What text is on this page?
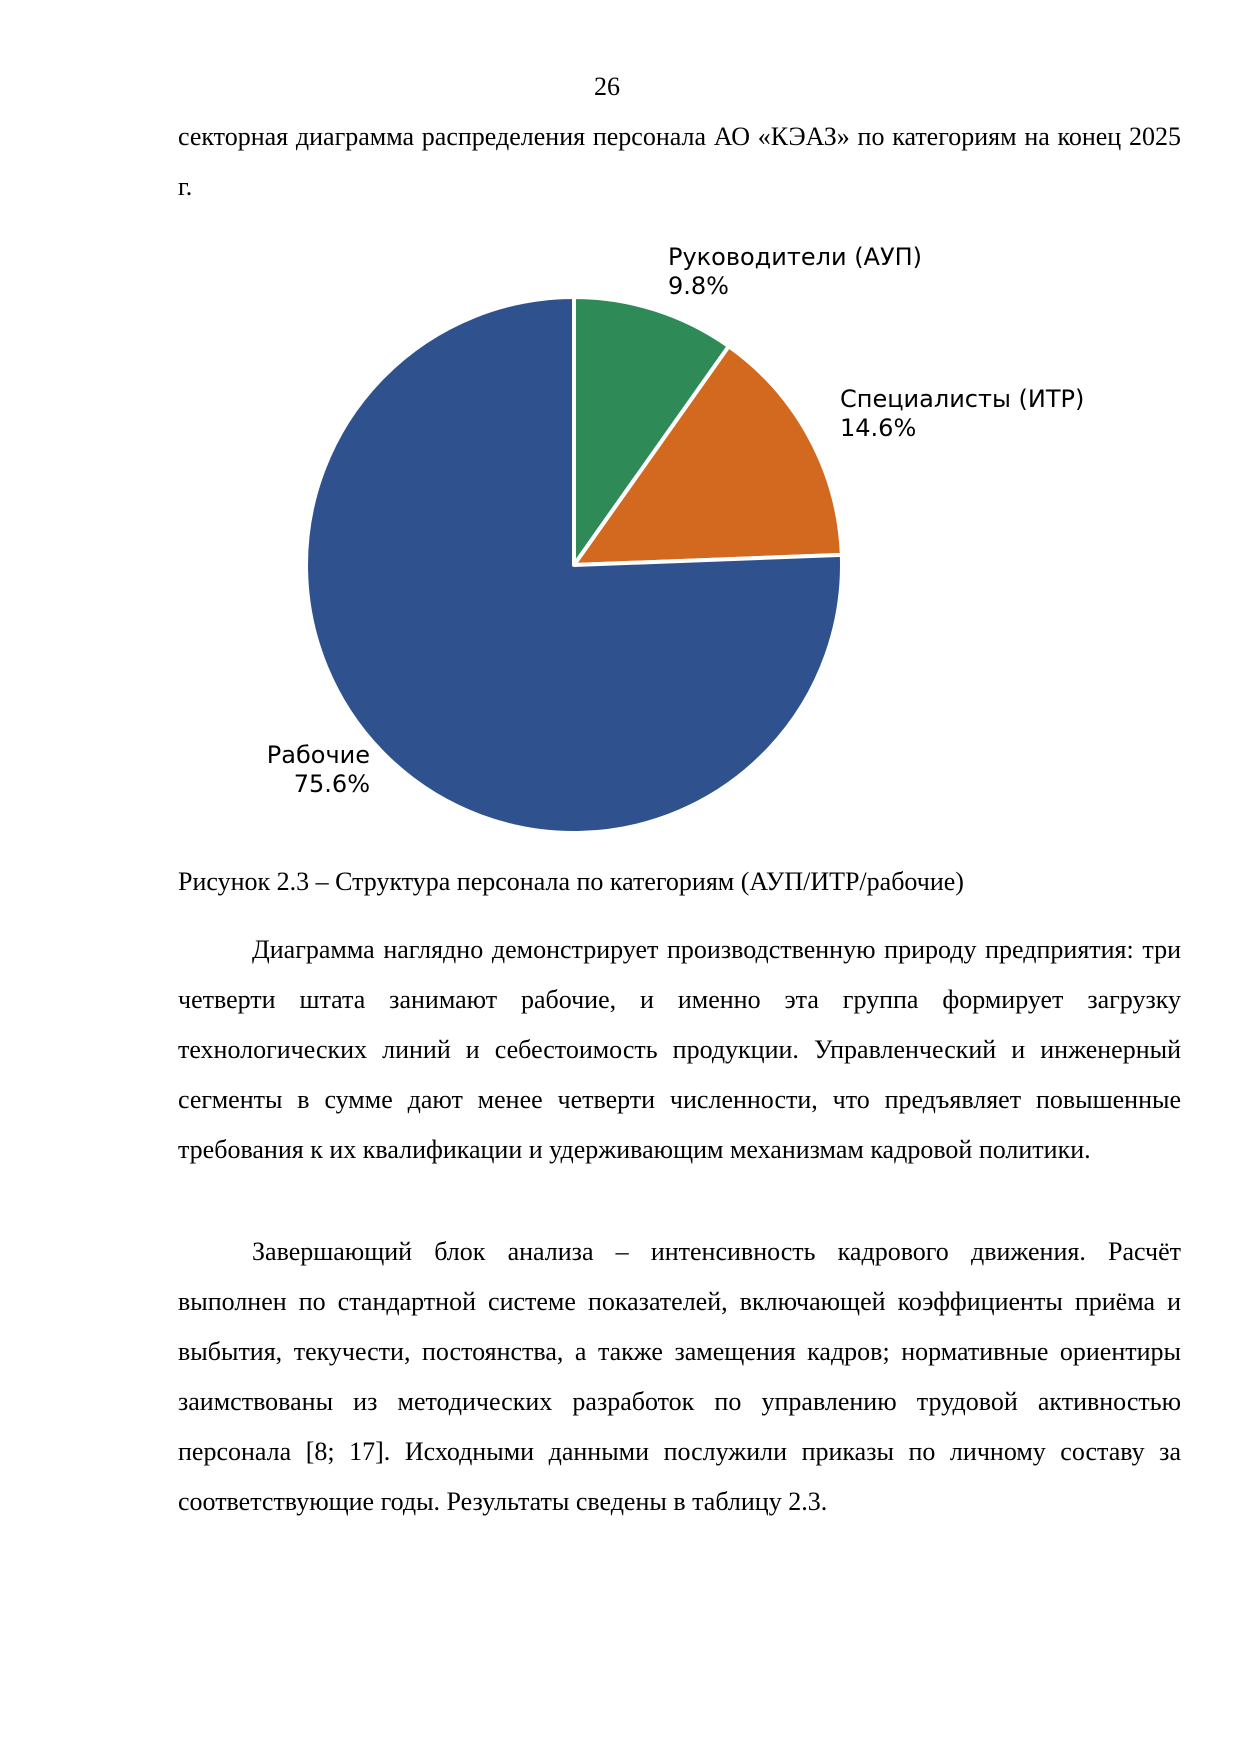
26

секторная диаграмма распределения персонала АО «КЭАЗ» по категориям на конец 2025 г.

Руководители (АУП)
9.8%
Специалисты (ИТР)
14.6%
Рабочие
75.6%
Рисунок 2.3 – Структура персонала по категориям (АУП/ИТР/рабочие)

Диаграмма наглядно демонстрирует производственную природу предприятия: три четверти штата занимают рабочие, и именно эта группа формирует загрузку технологических линий и себестоимость продукции. Управленческий и инженерный сегменты в сумме дают менее четверти численности, что предъявляет повышенные требования к их квалификации и удерживающим механизмам кадровой политики.

Завершающий блок анализа – интенсивность кадрового движения. Расчёт выполнен по стандартной системе показателей, включающей коэффициенты приёма и выбытия, текучести, постоянства, а также замещения кадров; нормативные ориентиры заимствованы из методических разработок по управлению трудовой активностью персонала [8; 17]. Исходными данными послужили приказы по личному составу за соответствующие годы. Результаты сведены в таблицу 2.3.
